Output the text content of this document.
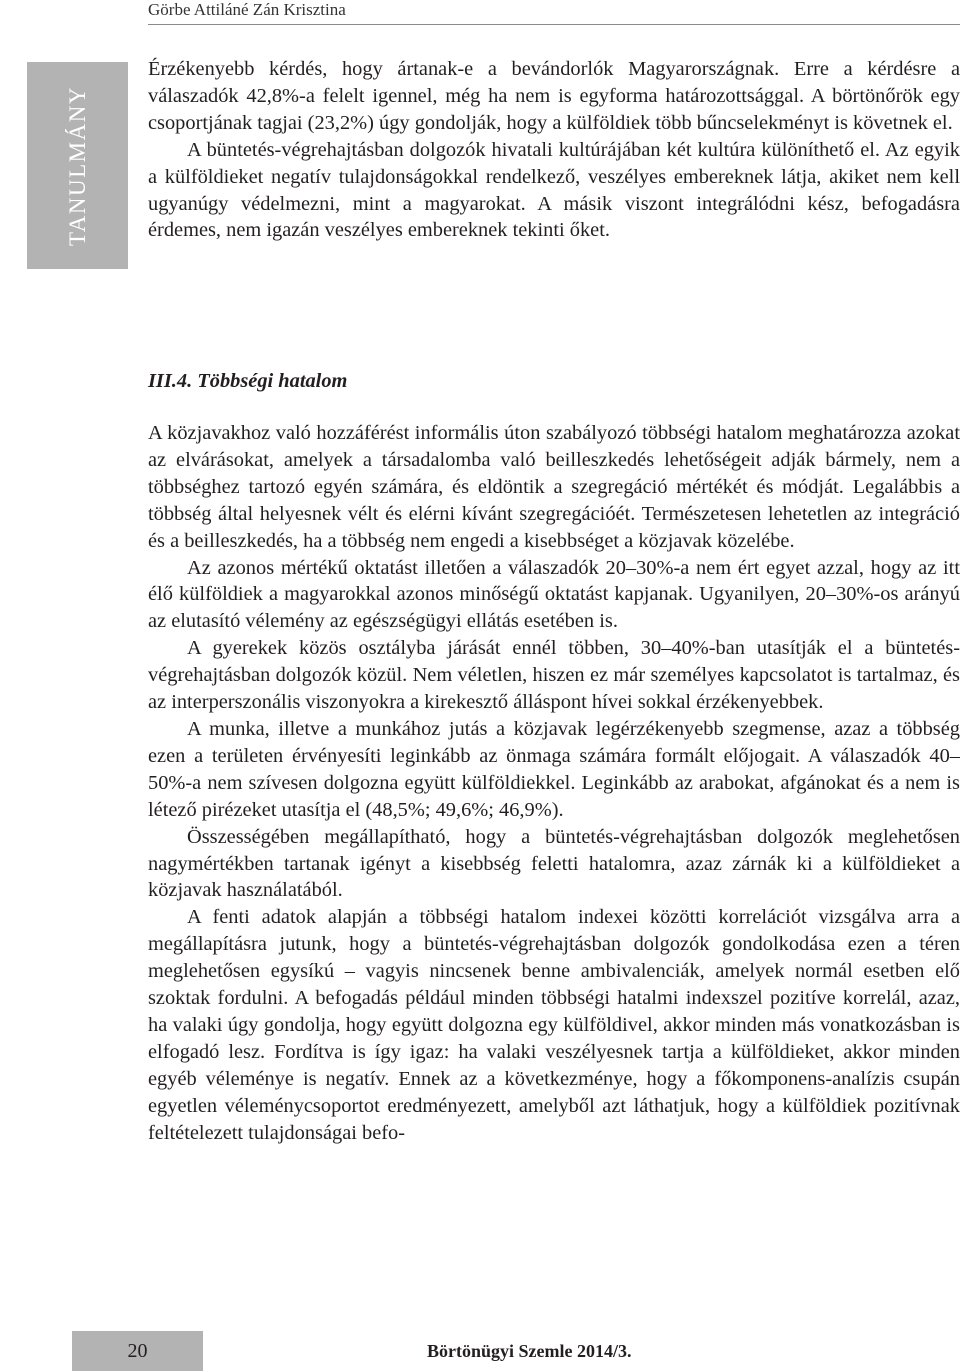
Görbe Attiláné Zán Krisztina
TANULMÁNY

Érzékenyebb kérdés, hogy ártanak-e a bevándorlók Magyarországnak. Erre a kérdésre a válaszadók 42,8%-a felelt igennel, még ha nem is egyforma határozottsággal. A börtönőrök egy csoportjának tagjai (23,2%) úgy gondolják, hogy a külföldiek több bűncselekményt is követnek el.

A büntetés-végrehajtásban dolgozók hivatali kultúrájában két kultúra különíthető el. Az egyik a külföldieket negatív tulajdonságokkal rendelkező, veszélyes embereknek látja, akiket nem kell ugyanúgy védelmezni, mint a magyarokat. A másik viszont integrálódni kész, befogadásra érdemes, nem igazán veszélyes embereknek tekinti őket.

III.4. Többségi hatalom

A közjavakhoz való hozzáférést informális úton szabályozó többségi hatalom meghatározza azokat az elvárásokat, amelyek a társadalomba való beilleszkedés lehetőségeit adják bármely, nem a többséghez tartozó egyén számára, és eldöntik a szegregáció mértékét és módját. Legalábbis a többség által helyesnek vélt és elérni kívánt szegregációét. Természetesen lehetetlen az integráció és a beilleszkedés, ha a többség nem engedi a kisebbséget a közjavak közelébe.

Az azonos mértékű oktatást illetően a válaszadók 20–30%-a nem ért egyet azzal, hogy az itt élő külföldiek a magyarokkal azonos minőségű oktatást kapjanak. Ugyanilyen, 20–30%-os arányú az elutasító vélemény az egészségügyi ellátás esetében is.

A gyerekek közös osztályba járását ennél többen, 30–40%-ban utasítják el a büntetés-végrehajtásban dolgozók közül. Nem véletlen, hiszen ez már személyes kapcsolatot is tartalmaz, és az interperszonális viszonyokra a kirekesztő álláspont hívei sokkal érzékenyebbek.

A munka, illetve a munkához jutás a közjavak legérzékenyebb szegmense, azaz a többség ezen a területen érvényesíti leginkább az önmaga számára formált előjogait. A válaszadók 40–50%-a nem szívesen dolgozna együtt külföldiekkel. Leginkább az arabokat, afgánokat és a nem is létező pirézeket utasítja el (48,5%; 49,6%; 46,9%).

Összességében megállapítható, hogy a büntetés-végrehajtásban dolgozók meglehetősen nagymértékben tartanak igényt a kisebbség feletti hatalomra, azaz zárnák ki a külföldieket a közjavak használatából.

A fenti adatok alapján a többségi hatalom indexei közötti korrelációt vizsgálva arra a megállapításra jutunk, hogy a büntetés-végrehajtásban dolgozók gondolkodása ezen a téren meglehetősen egysíkú – vagyis nincsenek benne ambivalenciák, amelyek normál esetben elő szoktak fordulni. A befogadás például minden többségi hatalmi indexszel pozitíve korrelál, azaz, ha valaki úgy gondolja, hogy együtt dolgozna egy külföldivel, akkor minden más vonatkozásban is elfogadó lesz. Fordítva is így igaz: ha valaki veszélyesnek tartja a külföldieket, akkor minden egyéb véleménye is negatív. Ennek az a következménye, hogy a főkomponens-analízis csupán egyetlen véleménycsoportot eredményezett, amelyből azt láthatjuk, hogy a külföldiek pozitívnak feltételezett tulajdonságai befo-

20	Börtönügyi Szemle 2014/3.
